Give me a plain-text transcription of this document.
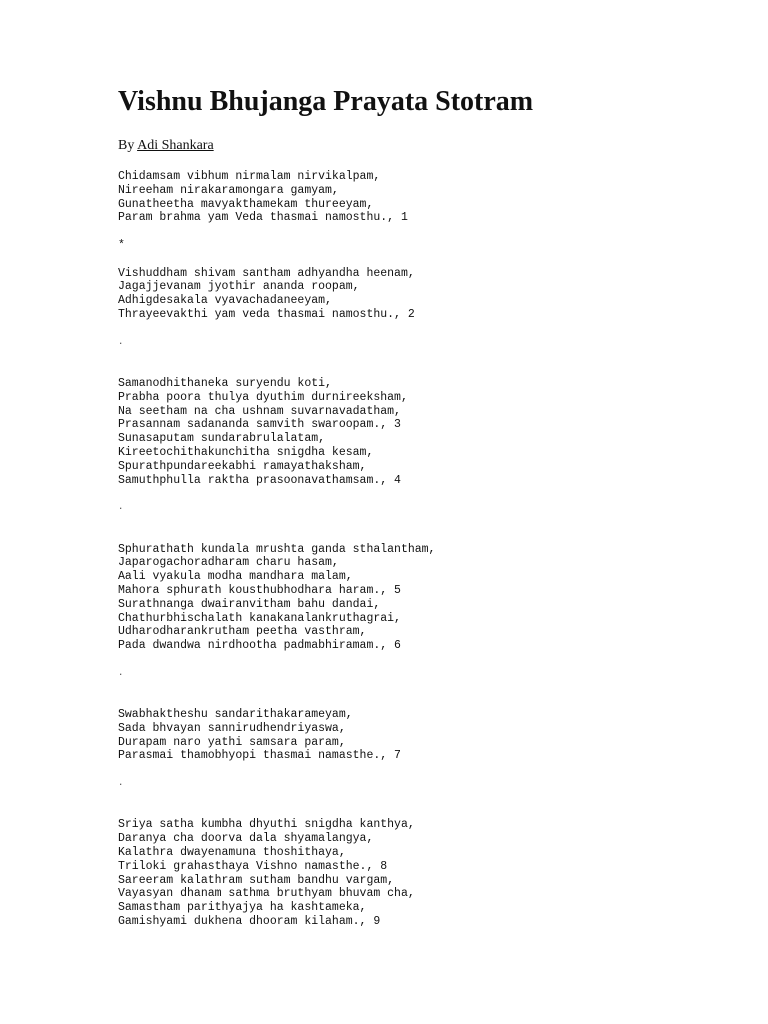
Vishnu Bhujanga Prayata Stotram
By Adi Shankara
Chidamsam vibhum nirmalam nirvikalpam,
Nireeham nirakaramongara gamyam,
Gunatheetha mavyakthamekam thureeyam,
Param brahma yam Veda thasmai namosthu., 1
*
Vishuddham shivam santham adhyandha heenam,
Jagajjevanam jyothir ananda roopam,
Adhigdesakala vyavachadaneeyam,
Thrayeevakthi yam veda thasmai namosthu., 2
.
Samanodhithaneka suryendu koti,
Prabha poora thulya dyuthim durnireeksham,
Na seetham na cha ushnam suvarnavadatham,
Prasannam sadananda samvith swaroopam., 3
Sunasaputam sundarabrulalatam,
Kireetochithakunchitha snigdha kesam,
Spurathpundareekabhi ramayathaksham,
Samuthphulla raktha prasoonavathamsam., 4
.
Sphurathath kundala mrushta ganda sthalantham,
Japarogachoradharam charu hasam,
Aali vyakula modha mandhara malam,
Mahora sphurath kousthubhodhara haram., 5
Surathnanga dwairanvitham bahu dandai,
Chathurbhischalath kanakanalankruthagrai,
Udharodharankrutham peetha vasthram,
Pada dwandwa nirdhootha padmabhiramam., 6
.
Swabhaktheshu sandarithakarameyam,
Sada bhvayan sannirudhendriyaswa,
Durapam naro yathi samsara param,
Parasmai thamobhyopi thasmai namasthe., 7
.
Sriya satha kumbha dhyuthi snigdha kanthya,
Daranya cha doorva dala shyamalangya,
Kalathra dwayenamuna thoshithaya,
Triloki grahasthaya Vishno namasthe., 8
Sareeram kalathram sutham bandhu vargam,
Vayasyan dhanam sathma bruthyam bhuvam cha,
Samastham parithyajya ha kashtameka,
Gamishyami dukhena dhooram kilaham., 9
